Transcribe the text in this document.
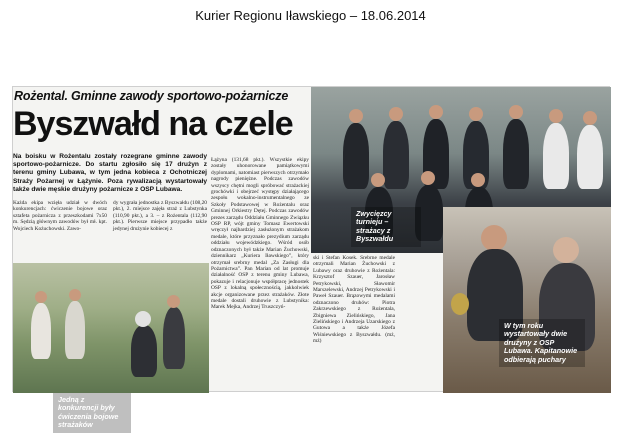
Kurier Regionu Iławskiego – 18.06.2014
Rożental. Gminne zawody sportowo-pożarnicze
Byszwałd na czele
Na boisku w Rożentalu zostały rozegrane gminne zawody sportowo-pożarnicze. Do startu zgłosiło się 17 drużyn z terenu gminy Lubawa, w tym jedna kobieca z Ochotniczej Straży Pożarnej w Łążynie. Poza rywalizacją wystartowały także dwie męskie drużyny pożarnicze z OSP Lubawa.
Każda ekipa wzięła udział w dwóch konkurencjach: ćwiczenie bojowe oraz sztafeta pożarnicza z przeszkodami 7x50 m. Sędzią głównym zawodów był mł. kpt. Wojciech Kożuchowski. Zawo-
dy wygrała jednostka z Byszwałdu (108,20 pkt.), 2. miejsce zajęła straż z Lubstynka (110,90 pkt.), a 3. – z Rożentala (112,90 pkt.). Pierwsze miejsce przypadło także jedynej drużynie kobiecej z
Łążyna (131,68 pkt.). Wszystkie ekipy zostały uhonorowane pamiątkowymi dyplomami, natomiast pierwszych otrzymało nagrody pieniężne. Podczas zawodów wszyscy chętni mogli spróbować strażackiej grochówki i obejrzeć występy działającego zespołu wokalno-instrumentalnego ze Szkoły Podstawowej w Rożentalu oraz Gminnej Orkiestry Dętej. Podczas zawodów prezes zarządu Oddziału Gminnego Związku OSP RP, wójt gminy Tomasz Ewertowski wręczył najbardziej zasłużonym strażakom medale, które przyznało prezydium zarządu oddziału wojewódzkiego. Wśród osób odznaczonych był także Marian Żuchowski, dziennikarz „Kuriera Iławskiego”, który otrzymał srebrny medal „Za Zasługi dla Pożarnictwa”. Pan Marian od lat promuje działalność OSP z terenu gminy Lubawa, pokazuje i relacjonuje współpracę jednostek OSP z lokalną społecznością, jakkolwiek akcje organizowane przez strażaków. Złote medale dostali druhowie z Lubstynika: Marek Mejka, Andrzej Truszczyń-
ski i Stefan Kosek. Srebrne medale otrzymali Marian Żuchowski z Lubawy oraz druhowie z Rożentala: Krzysztof Szauer, Jarosław Petrykowski, Sławomir Marszelewski, Andrzej Petrykowski i Paweł Szauer. Brązowymi medalami odznaczono druhów: Piotra Zakrzewskiego z Rożentala, Zbigniewa Zielińskiego, Jana Zielińskiego i Andrzeja Uzarskiego z Gutowa a także Józefa Wiśniewskiego z Byszwałdu. (mż, mż)
Jedną z konkurencji były ćwiczenia bojowe strażaków
Zwycięzcy turnieju – strażacy z Byszwałdu
W tym roku wystartowały dwie drużyny z OSP Lubawa. Kapitanowie odbierają puchary
